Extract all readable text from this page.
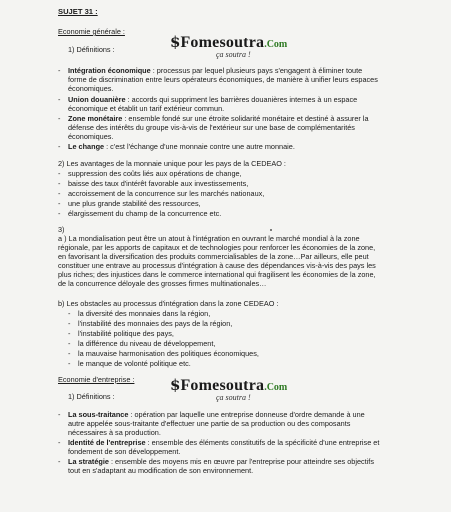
SUJET 31 :
Economie générale :
$Fomesoutra.Com
ça soutra !
1) Définitions :
- Intégration économique : processus par lequel plusieurs pays s'engagent à éliminer toute
forme de discrimination entre leurs opérateurs économiques, de manière à unifier leurs espaces
économiques.
- Union douanière : accords qui suppriment les barrières douanières internes à un espace
économique et établit un tarif extérieur commun.
- Zone monétaire : ensemble fondé sur une étroite solidarité monétaire et destiné à assurer la
défense des intérêts du groupe vis-à-vis de l'extérieur sur une base de complémentarités
économiques.
- Le change : c'est l'échange d'une monnaie contre une autre monnaie.
2) Les avantages de la monnaie unique pour les pays de la CEDEAO :
- suppression des coûts liés aux opérations de change,
- baisse des taux d'intérêt favorable aux investissements,
- accroissement de la concurrence sur les marchés nationaux,
- une plus grande stabilité des ressources,
- élargissement du champ de la concurrence etc.
3)
a ) La mondialisation peut être un atout à l'intégration en ouvrant le marché mondial à la zone
régionale, par les apports de capitaux et de technologies pour renforcer les économies de la zone,
en favorisant la diversification des produits commercialisables de la zone…Par ailleurs, elle peut
constituer une entrave au processus d'intégration à cause des dépendances vis-à-vis des pays les
plus riches; des injustices dans le commerce international qui fragilisent les économies de la zone,
de la concurrence déloyale des grosses firmes multinationales…
b) Les obstacles au processus d'intégration dans la zone CEDEAO :
- la diversité des monnaies dans la région,
- l'instabilité des monnaies des pays de la région,
- l'instabilité politique des pays,
- la différence du niveau de développement,
- la mauvaise harmonisation des politiques économiques,
- le manque de volonté politique etc.
Economie d'entreprise : $Fomesoutra.Com
ça soutra !
1) Définitions :
- La sous-traitance : opération par laquelle une entreprise donneuse d'ordre demande à une
autre appelée sous-traitante d'effectuer une partie de sa production ou des composants
nécessaires à sa production.
- Identité de l'entreprise : ensemble des éléments constitutifs de la spécificité d'une entreprise et
fondement de son développement.
- La stratégie : ensemble des moyens mis en œuvre par l'entreprise pour atteindre ses objectifs
tout en s'adaptant au modification de son environnement.
